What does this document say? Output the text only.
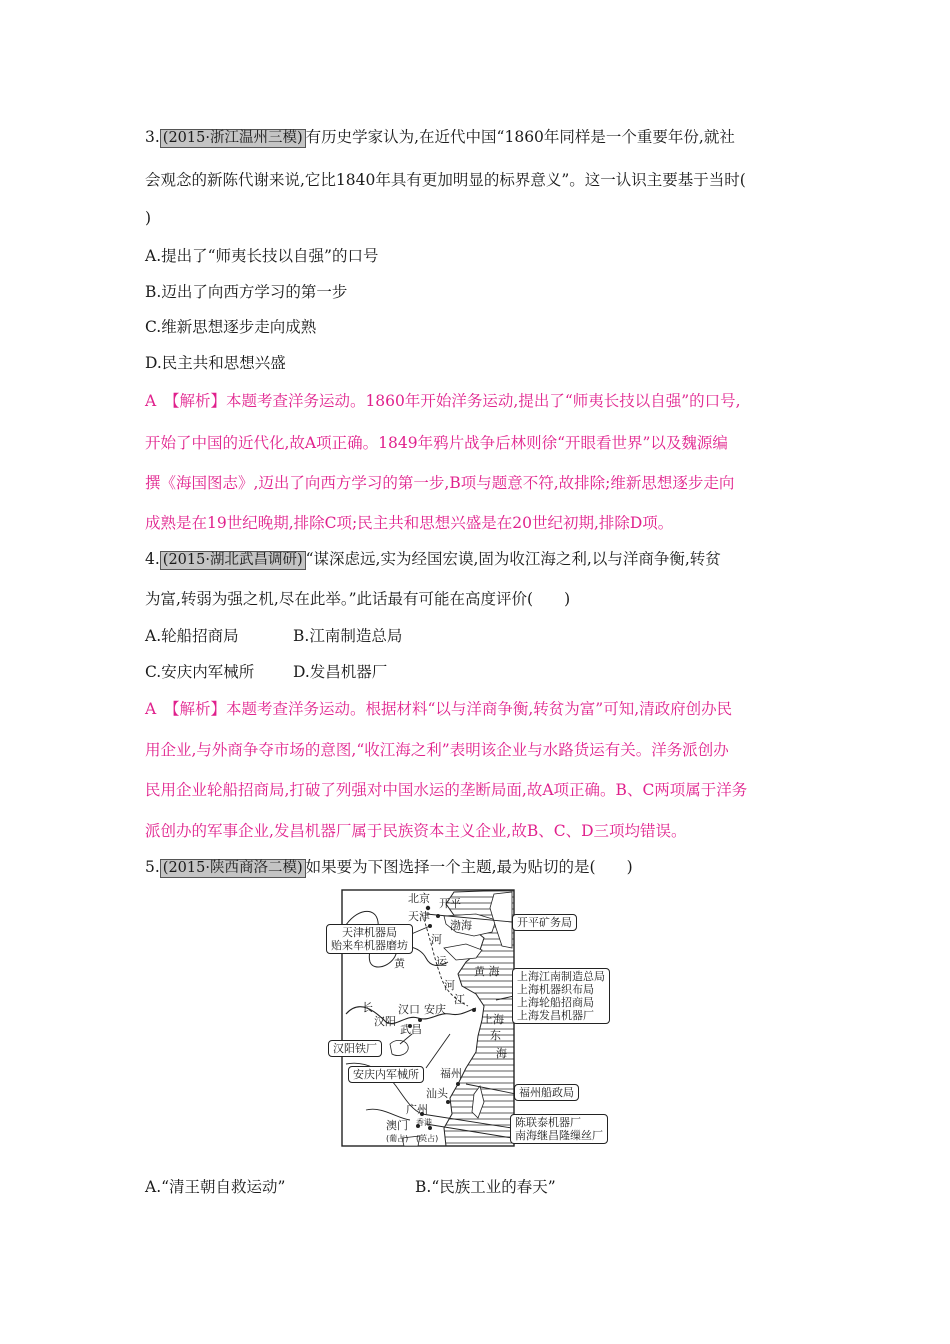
3. (2015·浙江温州三模) 有历史学家认为,在近代中国“1860年同样是一个重要年份,就社
会观念的新陈代谢来说,它比1840年具有更加明显的标界意义”。这一认识主要基于当时(
)
A.提出了“师夷长技以自强”的口号
B.迈出了向西方学习的第一步
C.维新思想逐步走向成熟
D.民主共和思想兴盛
A　【解析】本题考查洋务运动。1860年开始洋务运动,提出了“师夷长技以自强”的口号,
开始了中国的近代化,故A项正确。1849年鸦片战争后林则徐“开眼看世界”以及魏源编
撰《海国图志》,迈出了向西方学习的第一步,B项与题意不符,故排除;维新思想逐步走向
成熟是在19世纪晚期,排除C项;民主共和思想兴盛是在20世纪初期,排除D项。
4. (2015·湖北武昌调研) “谋深虑远,实为经国宏谟,固为收江海之利,以与洋商争衡,转贫
为富,转弱为强之机,尽在此举。”此话最有可能在高度评价(　　)
A.轮船招商局	B.江南制造总局
C.安庆内军械所	D.发昌机器厂
A　【解析】本题考查洋务运动。根据材料“以与洋商争衡,转贫为富”可知,清政府创办民
用企业,与外商争夺市场的意图,“收江海之利”表明该企业与水路货运有关。洋务派创办
民用企业轮船招商局,打破了列强对中国水运的垄断局面,故A项正确。B、C两项属于洋务
派创办的军事企业,发昌机器厂属于民族资本主义企业,故B、C、D三项均错误。
5. (2015·陕西商洛二模) 如果要为下图选择一个主题,最为贴切的是(　　)
北京 开平
天津
渤海
河
黄	运
河
黄 海
长
江
汉口 安庆
汉阳
武昌
上海
东
海
福州
汕头
广州
澳门
(葡占)
香港
(英占)
开平矿务局
天津机器局
贻来牟机器磨坊
上海江南制造总局
上海机器织布局
上海轮船招商局
上海发昌机器厂
汉阳铁厂
福州船政局
安庆内军械所
陈联泰机器厂
南海继昌隆缫丝厂
A.“清王朝自救运动”	B.“民族工业的春天”
